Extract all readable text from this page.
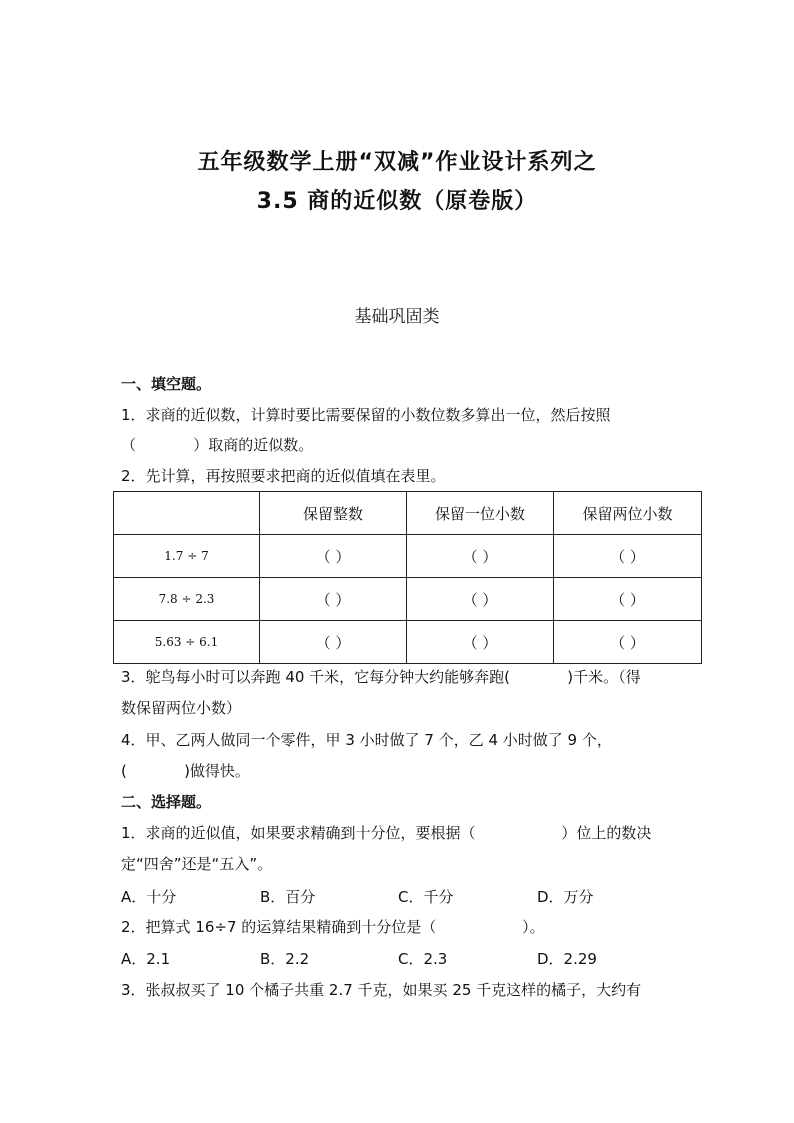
五年级数学上册“双减”作业设计系列之
3.5 商的近似数（原卷版）
基础巩固类
一、填空题。
1．求商的近似数，计算时要比需要保留的小数位数多算出一位，然后按照
（            ）取商的近似数。
2．先计算，再按照要求把商的近似值填在表里。
	保留整数	保留一位小数	保留两位小数
1.7 ÷ 7	（ ）	（ ）	（ ）
7.8 ÷ 2.3	（ ）	（ ）	（ ）
5.63 ÷ 6.1	（ ）	（ ）	（ ）
3．鸵鸟每小时可以奔跑 40 千米，它每分钟大约能够奔跑(            )千米。（得
数保留两位小数）
4．甲、乙两人做同一个零件，甲 3 小时做了 7 个，乙 4 小时做了 9 个，
(            )做得快。
二、选择题。
1．求商的近似值，如果要求精确到十分位，要根据（                  ）位上的数决
定“四舍”还是“五入”。
A．十分	B．百分	C．千分	D．万分
2．把算式 16÷7 的运算结果精确到十分位是（                  ）。
A．2.1	B．2.2	C．2.3	D．2.29
3．张叔叔买了 10 个橘子共重 2.7 千克，如果买 25 千克这样的橘子，大约有
